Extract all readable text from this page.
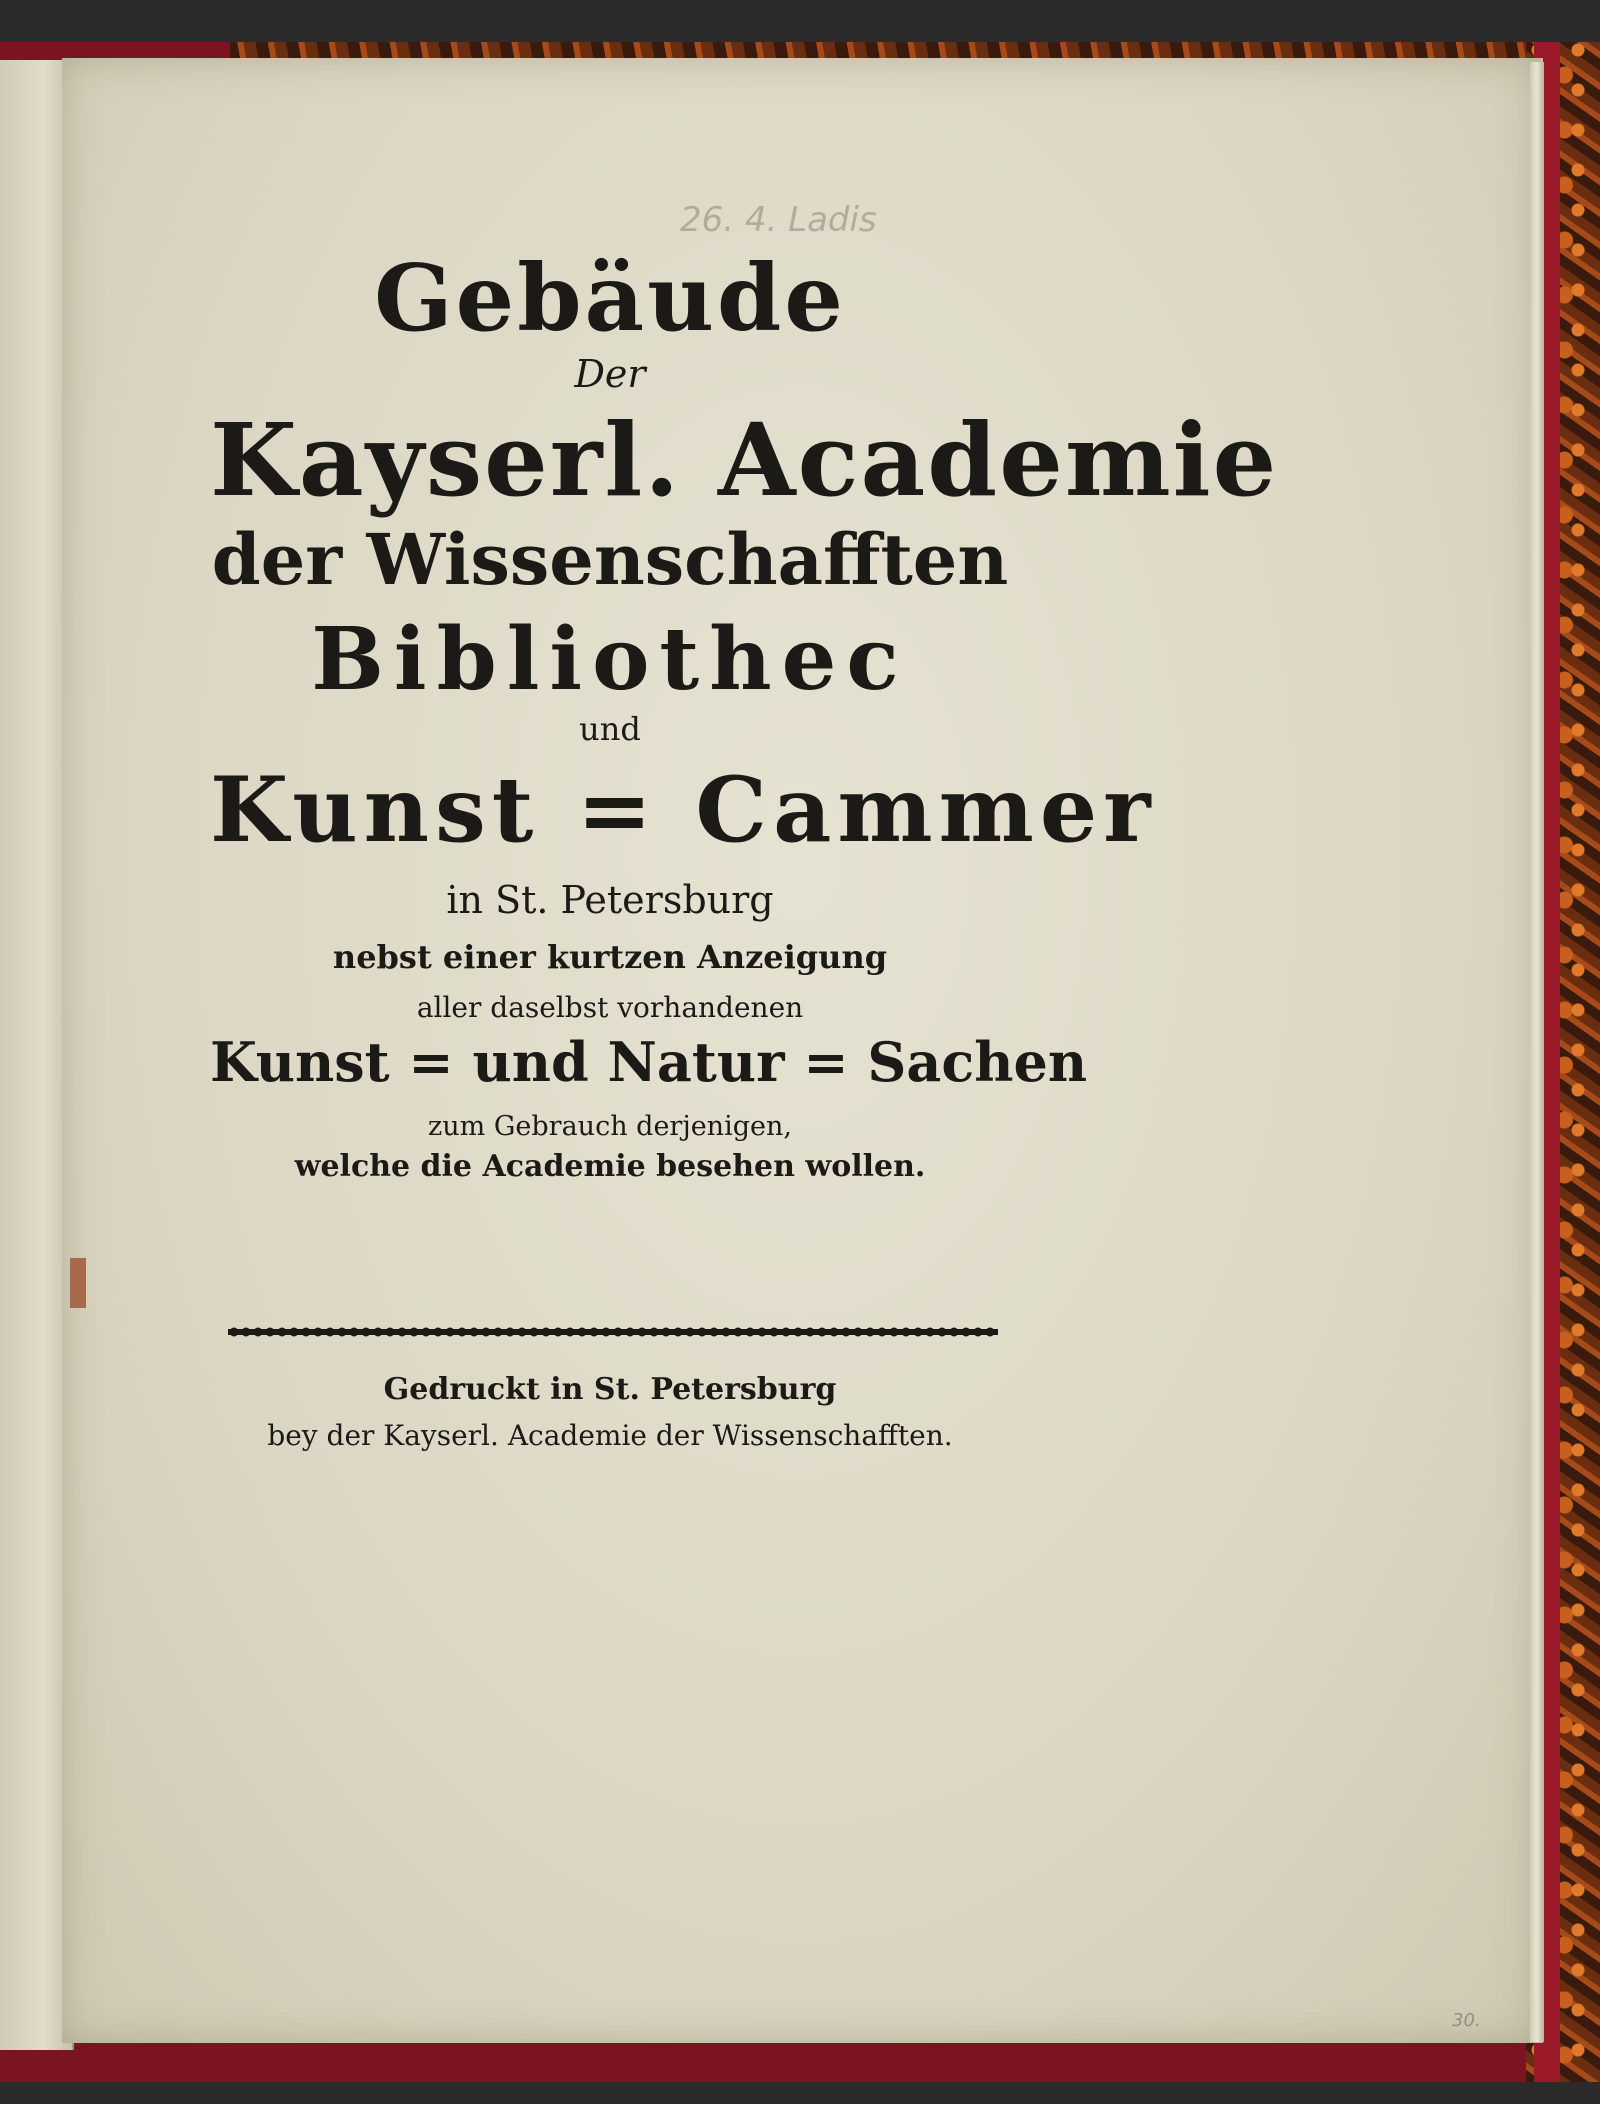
26. 4. Ladis

Gebäude

Der

Kayserl. Academie

der Wissenschafften

Bibliothec

und

Kunst = Cammer

in St. Petersburg

nebst einer kurtzen Anzeigung

aller daselbst vorhandenen

Kunst = und Natur = Sachen

zum Gebrauch derjenigen,

welche die Academie besehen wollen.

Gedruckt in St. Petersburg

bey der Kayserl. Academie der Wissenschafften.

30.
